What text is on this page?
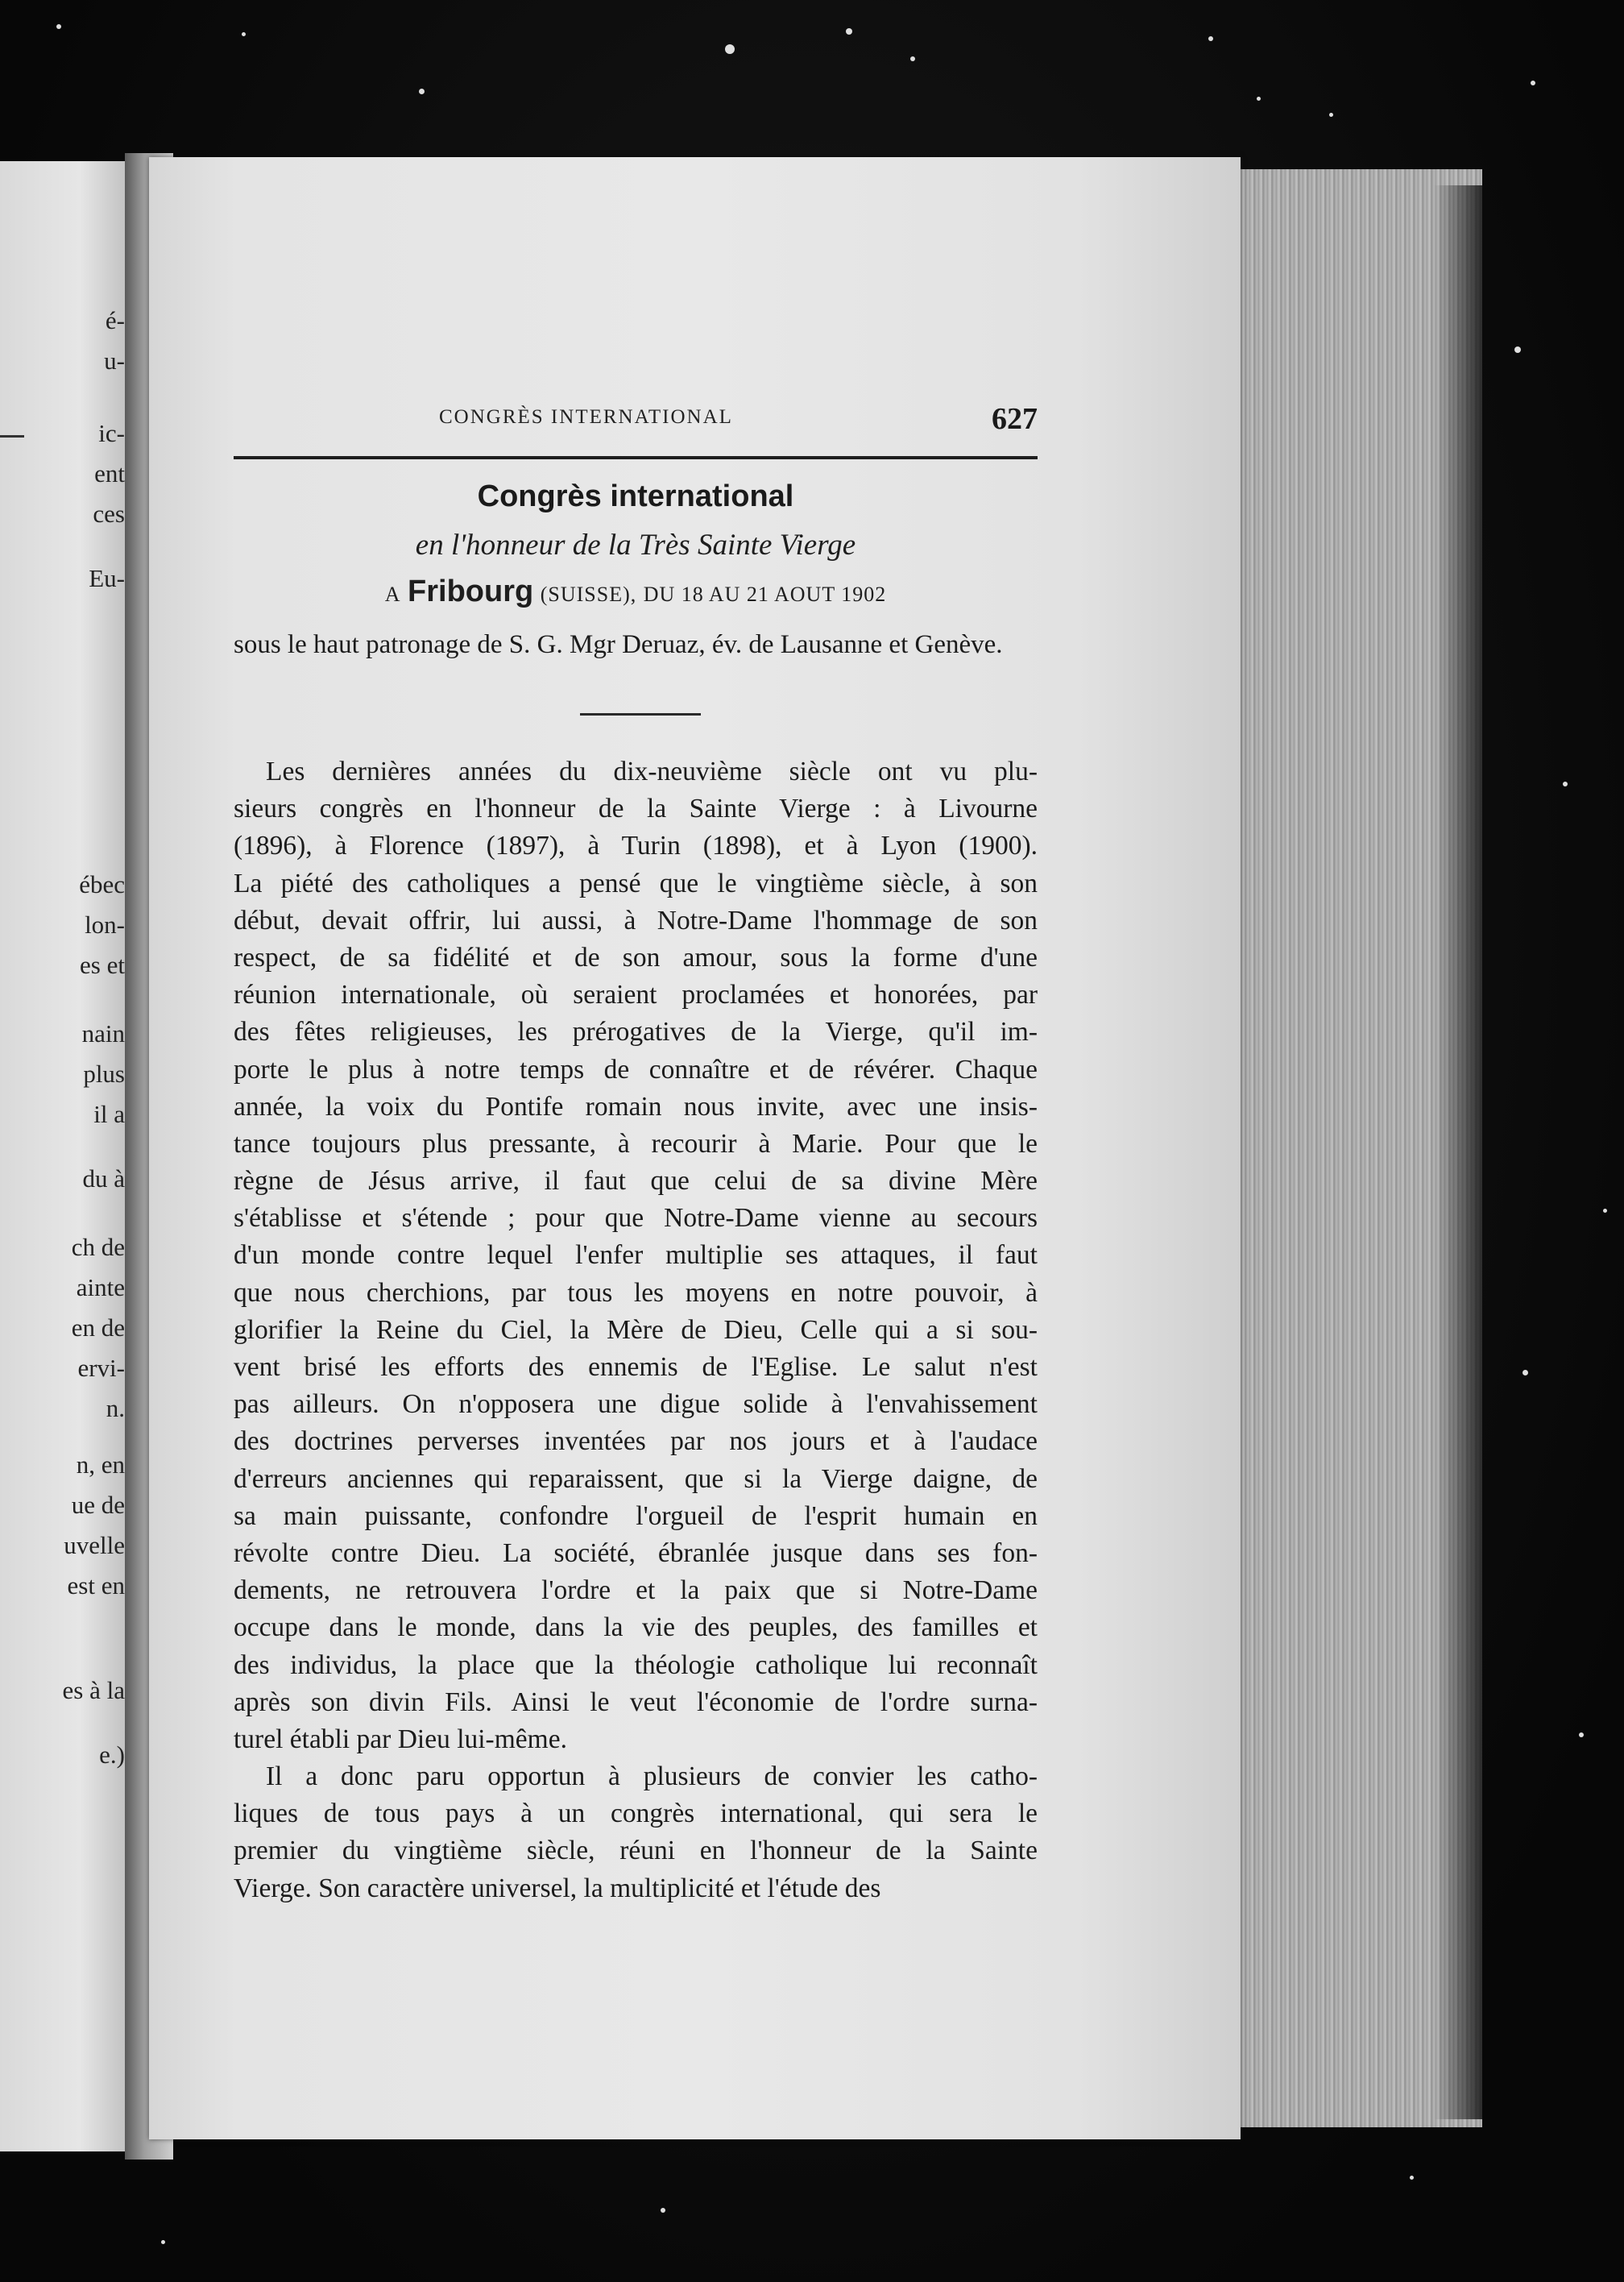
é-
u-
ic-
ent
ces
Eu-
ébec
lon-
es et
nain
plus
il a
du à
ch de
ainte
en de
ervi-
n.
n, en
ue de
uvelle
est en
es à la
e.)
CONGRÈS INTERNATIONAL	627
Congrès international
en l'honneur de la Très Sainte Vierge
A Fribourg (SUISSE), DU 18 AU 21 AOUT 1902
sous le haut patronage de S. G. Mgr Deruaz, év. de Lausanne et Genève.
Les dernières années du dix-neuvième siècle ont vu plu-
sieurs congrès en l'honneur de la Sainte Vierge : à Livourne
(1896), à Florence (1897), à Turin (1898), et à Lyon (1900).
La piété des catholiques a pensé que le vingtième siècle, à son
début, devait offrir, lui aussi, à Notre-Dame l'hommage de son
respect, de sa fidélité et de son amour, sous la forme d'une
réunion internationale, où seraient proclamées et honorées, par
des fêtes religieuses, les prérogatives de la Vierge, qu'il im-
porte le plus à notre temps de connaître et de révérer. Chaque
année, la voix du Pontife romain nous invite, avec une insis-
tance toujours plus pressante, à recourir à Marie. Pour que le
règne de Jésus arrive, il faut que celui de sa divine Mère
s'établisse et s'étende ; pour que Notre-Dame vienne au secours
d'un monde contre lequel l'enfer multiplie ses attaques, il faut
que nous cherchions, par tous les moyens en notre pouvoir, à
glorifier la Reine du Ciel, la Mère de Dieu, Celle qui a si sou-
vent brisé les efforts des ennemis de l'Eglise. Le salut n'est
pas ailleurs. On n'opposera une digue solide à l'envahissement
des doctrines perverses inventées par nos jours et à l'audace
d'erreurs anciennes qui reparaissent, que si la Vierge daigne, de
sa main puissante, confondre l'orgueil de l'esprit humain en
révolte contre Dieu. La société, ébranlée jusque dans ses fon-
dements, ne retrouvera l'ordre et la paix que si Notre-Dame
occupe dans le monde, dans la vie des peuples, des familles et
des individus, la place que la théologie catholique lui reconnaît
après son divin Fils. Ainsi le veut l'économie de l'ordre surna-
turel établi par Dieu lui-même.
Il a donc paru opportun à plusieurs de convier les catho-
liques de tous pays à un congrès international, qui sera le
premier du vingtième siècle, réuni en l'honneur de la Sainte
Vierge. Son caractère universel, la multiplicité et l'étude des
